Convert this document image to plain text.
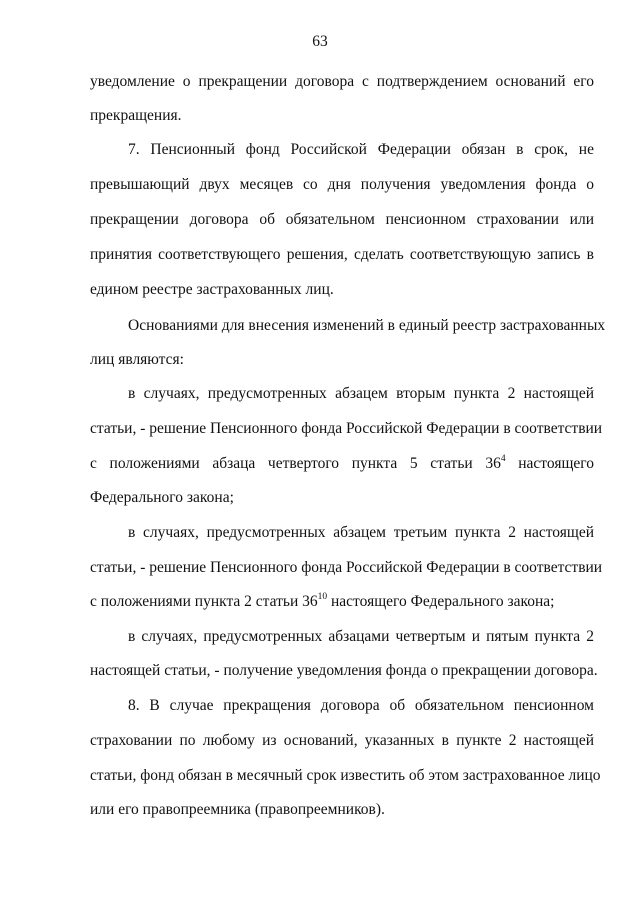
63
уведомление о прекращении договора с подтверждением оснований его
прекращения.
7. Пенсионный фонд Российской Федерации обязан в срок, не
превышающий двух месяцев со дня получения уведомления фонда о
прекращении договора об обязательном пенсионном страховании или
принятия соответствующего решения, сделать соответствующую запись в
едином реестре застрахованных лиц.
Основаниями для внесения изменений в единый реестр застрахованных
лиц являются:
в случаях, предусмотренных абзацем вторым пункта 2 настоящей
статьи, - решение Пенсионного фонда Российской Федерации в соответствии
с положениями абзаца четвертого пункта 5 статьи $36^4$ настоящего
Федерального закона;
в случаях, предусмотренных абзацем третьим пункта 2 настоящей
статьи, - решение Пенсионного фонда Российской Федерации в соответствии
с положениями пункта 2 статьи $36^{10}$ настоящего Федерального закона;
в случаях, предусмотренных абзацами четвертым и пятым пункта 2
настоящей статьи, - получение уведомления фонда о прекращении договора.
8. В случае прекращения договора об обязательном пенсионном
страховании по любому из оснований, указанных в пункте 2 настоящей
статьи, фонд обязан в месячный срок известить об этом застрахованное лицо
или его правопреемника (правопреемников).
